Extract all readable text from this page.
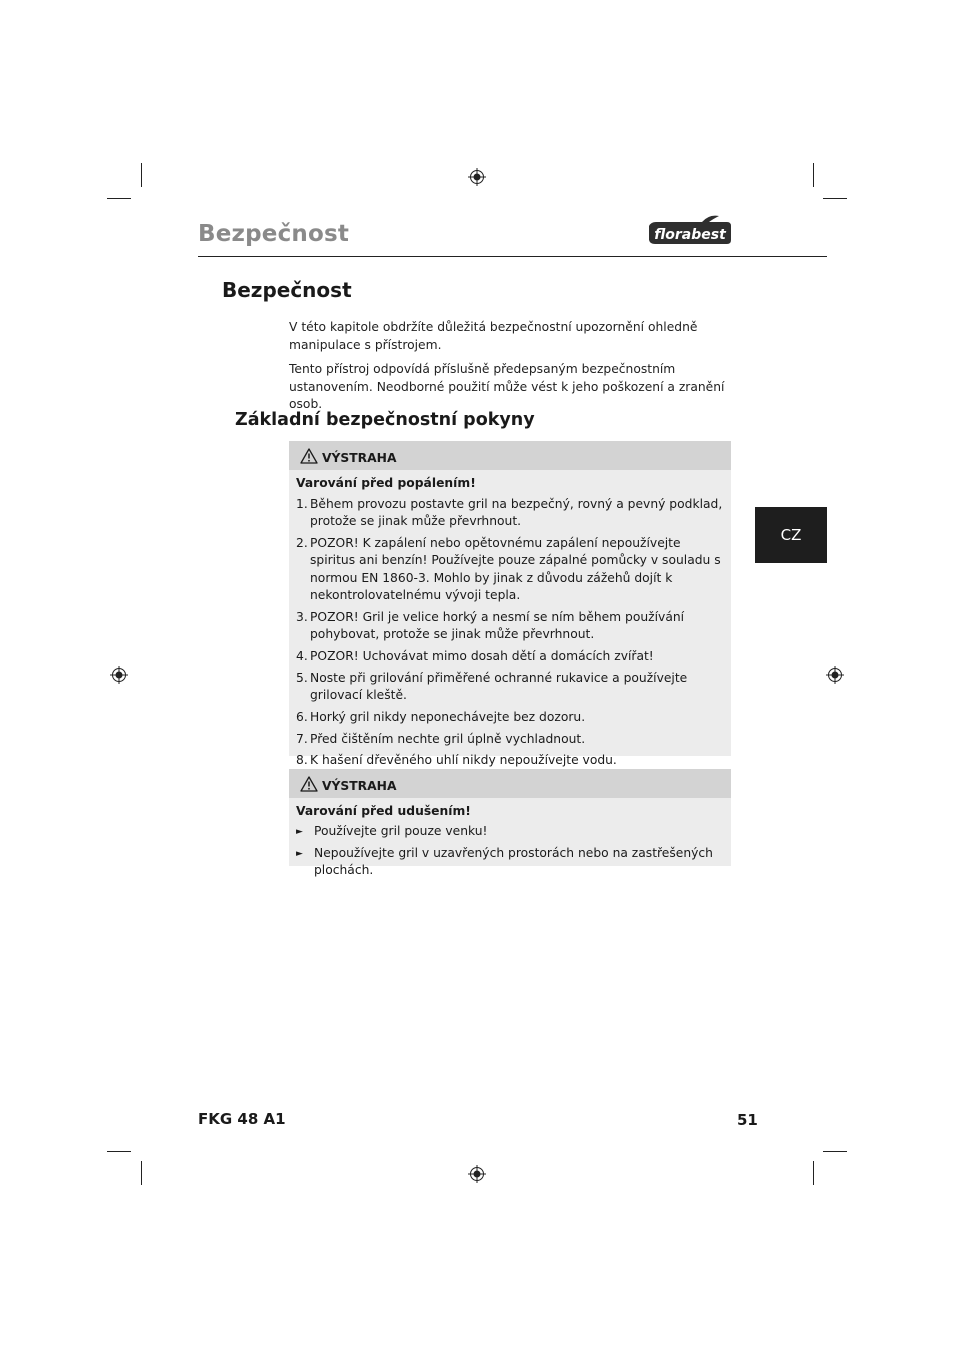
Bezpečnost	florabest
Bezpečnost
V této kapitole obdržíte důležitá bezpečnostní upozornění ohledně manipulace s přístrojem.
Tento přístroj odpovídá příslušně předepsaným bezpečnostním ustanovením. Neodborné použití může vést k jeho poškození a zranění osob.
Základní bezpečnostní pokyny
VÝSTRAHA
Varování před popálením!
1. Během provozu postavte gril na bezpečný, rovný a pevný podklad, protože se jinak může převrhnout.
2. POZOR! K zapálení nebo opětovnému zapálení nepoužívejte spiritus ani benzín! Používejte pouze zápalné pomůcky v souladu s normou EN 1860-3. Mohlo by jinak z důvodu zážehů dojít k nekontrolovatelnému vývoji tepla.
3. POZOR! Gril je velice horký a nesmí se ním během používání pohybovat, protože se jinak může převrhnout.
4. POZOR! Uchovávat mimo dosah dětí a domácích zvířat!
5. Noste při grilování přiměřené ochranné rukavice a používejte grilovací kleště.
6. Horký gril nikdy neponechávejte bez dozoru.
7. Před čištěním nechte gril úplně vychladnout.
8. K hašení dřevěného uhlí nikdy nepoužívejte vodu.
VÝSTRAHA
Varování před udušením!
► Používejte gril pouze venku!
► Nepoužívejte gril v uzavřených prostorách nebo na zastřešených plochách.
CZ
FKG 48 A1	51
